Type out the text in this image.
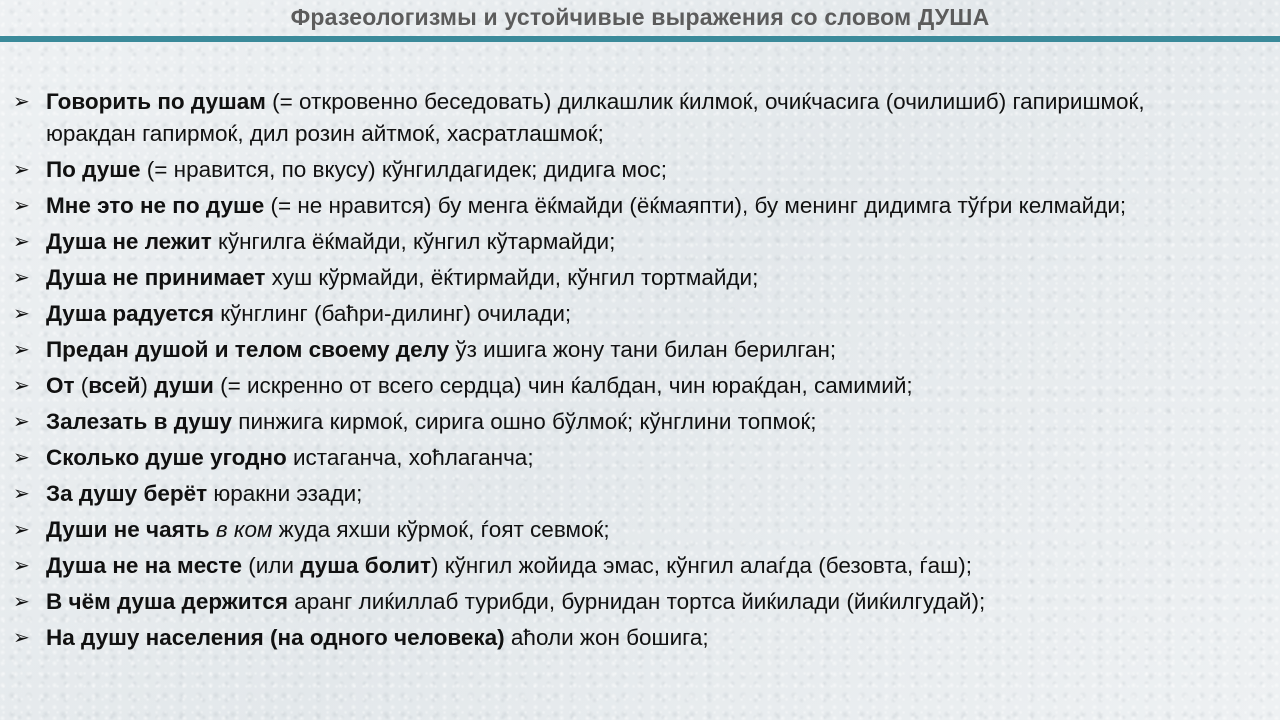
Фразеологизмы и устойчивые выражения со словом ДУША
➢ Говорить по душам (= откровенно беседовать) дилкашлик ќилмоќ, очиќчасига (очилишиб) гапиришмоќ, юракдан гапирмоќ, дил розин айтмоќ, хасратлашмоќ;
➢ По душе (= нравится, по вкусу) кўнгилдагидек; дидига мос;
➢ Мне это не по душе (= не нравится) бу менга ёќмайди (ёќмаяпти), бу менинг дидимга тўѓри келмайди;
➢ Душа не лежит кўнгилга ёќмайди, кўнгил кўтармайди;
➢ Душа не принимает хуш кўрмайди, ёќтирмайди, кўнгил тортмайди;
➢ Душа радуется кўнглинг (баћри-дилинг) очилади;
➢ Предан душой и телом своему делу ўз ишига жону тани билан берилган;
➢ От (всей) души (= искренно от всего сердца) чин ќалбдан, чин юраќдан, самимий;
➢ Залезать в душу пинжига кирмоќ, сирига ошно бўлмоќ; кўнглини топмоќ;
➢ Сколько душе угодно истаганча, хоћлаганча;
➢ За душу берёт юракни эзади;
➢ Души не чаять в ком жуда яхши кўрмоќ, ѓоят севмоќ;
➢ Душа не на месте (или душа болит) кўнгил жойида эмас, кўнгил алаѓда (безовта, ѓаш);
➢ В чём душа держится аранг лиќиллаб турибди, бурнидан тортса йиќилади (йиќилгудай);
➢ На душу населения (на одного человека) аћоли жон бошига;
